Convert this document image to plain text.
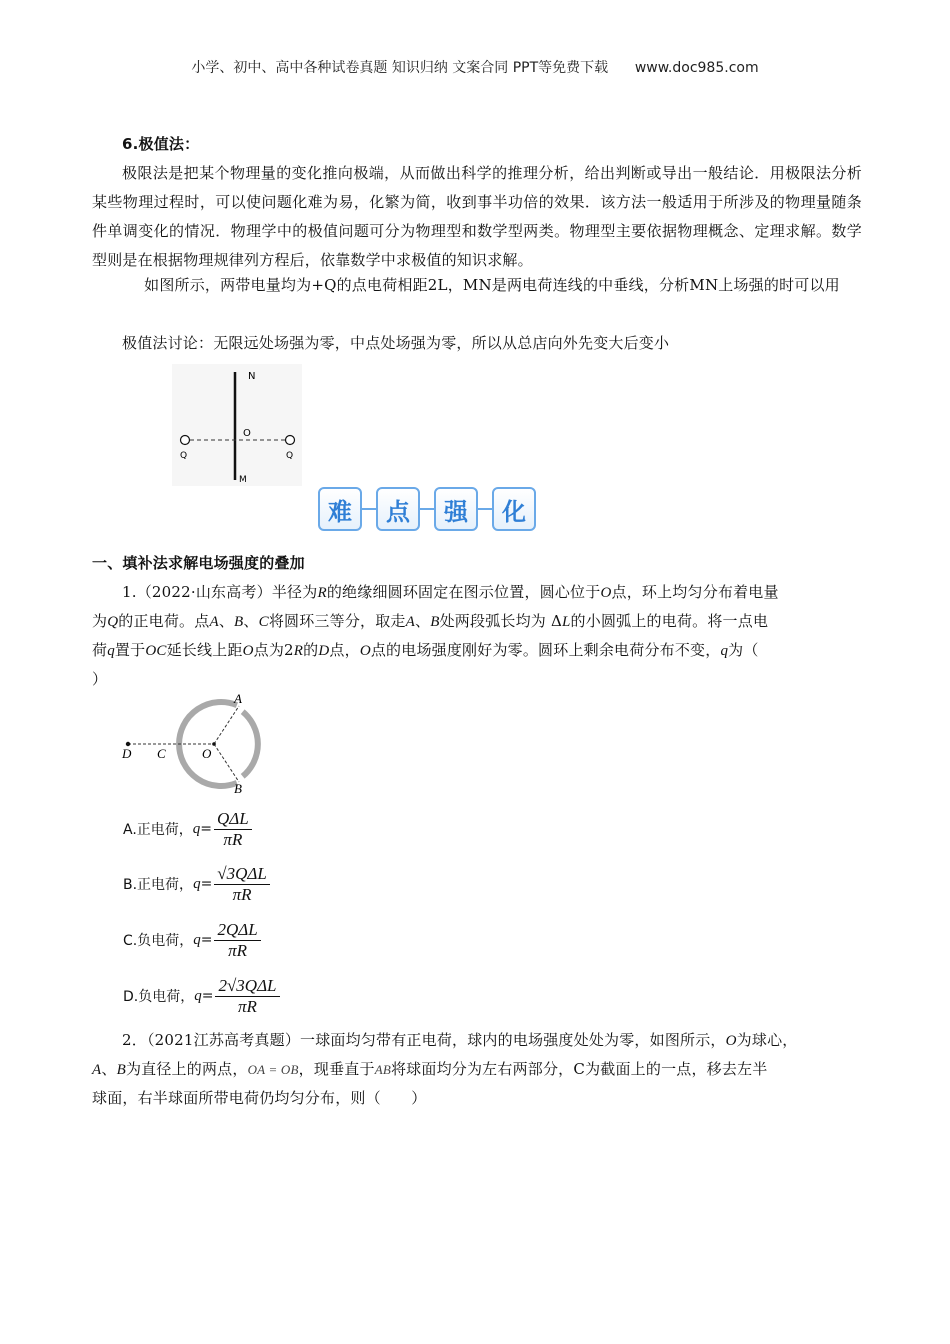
小学、初中、高中各种试卷真题 知识归纳 文案合同 PPT等免费下载      www.doc985.com
6.极值法：
极限法是把某个物理量的变化推向极端，从而做出科学的推理分析，给出判断或导出一般结论．用极限法分析某些物理过程时，可以使问题化难为易，化繁为简，收到事半功倍的效果．该方法一般适用于所涉及的物理量随条件单调变化的情况．物理学中的极值问题可分为物理型和数学型两类。物理型主要依据物理概念、定理求解。数学型则是在根据物理规律列方程后，依靠数学中求极值的知识求解。
如图所示，两带电量均为+Q的点电荷相距2L，MN是两电荷连线的中垂线，分析MN上场强的时可以用
极值法讨论：无限远处场强为零，中点处场强为零，所以从总店向外先变大后变小
N
O
M
Q	Q
难	点	强	化
一、填补法求解电场强度的叠加
1.（2022·山东高考）半径为R的绝缘细圆环固定在图示位置，圆心位于O点，环上均匀分布着电量
为Q的正电荷。点A、B、C将圆环三等分，取走A、B处两段弧长均为 ΔL的小圆弧上的电荷。将一点电
荷q置于OC延长线上距O点为2R的D点，O点的电场强度刚好为零。圆环上剩余电荷分布不变，q为（
）
A
B
C
D	O
A.正电荷， $q = \frac{\text{QΔL}}{\pi R}$
B.正电荷， $q = \frac{\text{√3QΔL}}{\pi R}$
C.负电荷， $q = \frac{\text{2QΔL}}{\pi R}$
D.负电荷， $q = \frac{\text{2√3QΔL}}{\pi R}$
2．（2021江苏高考真题）一球面均匀带有正电荷，球内的电场强度处处为零，如图所示，O为球心，
A、B为直径上的两点，OA = OB，现垂直于AB将球面均分为左右两部分，C为截面上的一点，移去左半
球面，右半球面所带电荷仍均匀分布，则（　　）
